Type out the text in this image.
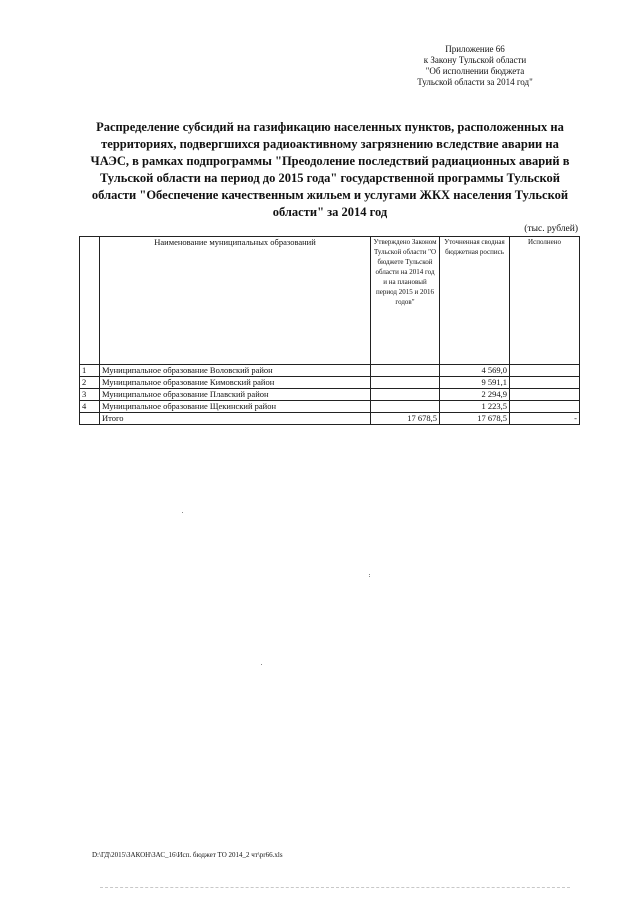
Приложение 66
к Закону Тульской области
"Об исполнении бюджета
Тульской области за 2014 год"
Распределение субсидий на газификацию населенных пунктов, расположенных на
территориях, подвергшихся радиоактивному загрязнению вследствие аварии на
ЧАЭС, в рамках подпрограммы "Преодоление последствий радиационных аварий в
Тульской области на период до 2015 года" государственной программы Тульской
области "Обеспечение качественным жильем и услугами ЖКХ населения Тульской
области" за 2014 год
(тыс. рублей)
	Наименование муниципальных образований	Утверждено Законом Тульской области "О бюджете Тульской области на 2014 год и на плановый период 2015 и 2016 годов"	Уточненная сводная бюджетная роспись	Исполнено
1	Муниципальное образование Воловский район		4 569,0	
2	Муниципальное образование Кимовский район		9 591,1	
3	Муниципальное образование Плавский район		2 294,9	
4	Муниципальное образование Щекинский район		1 223,5	
	Итого	17 678,5	17 678,5	-
D:\ГД\2015\ЗАКОН\ЗАС_16\Исп. бюджет ТО 2014_2 чт\pr66.xls
